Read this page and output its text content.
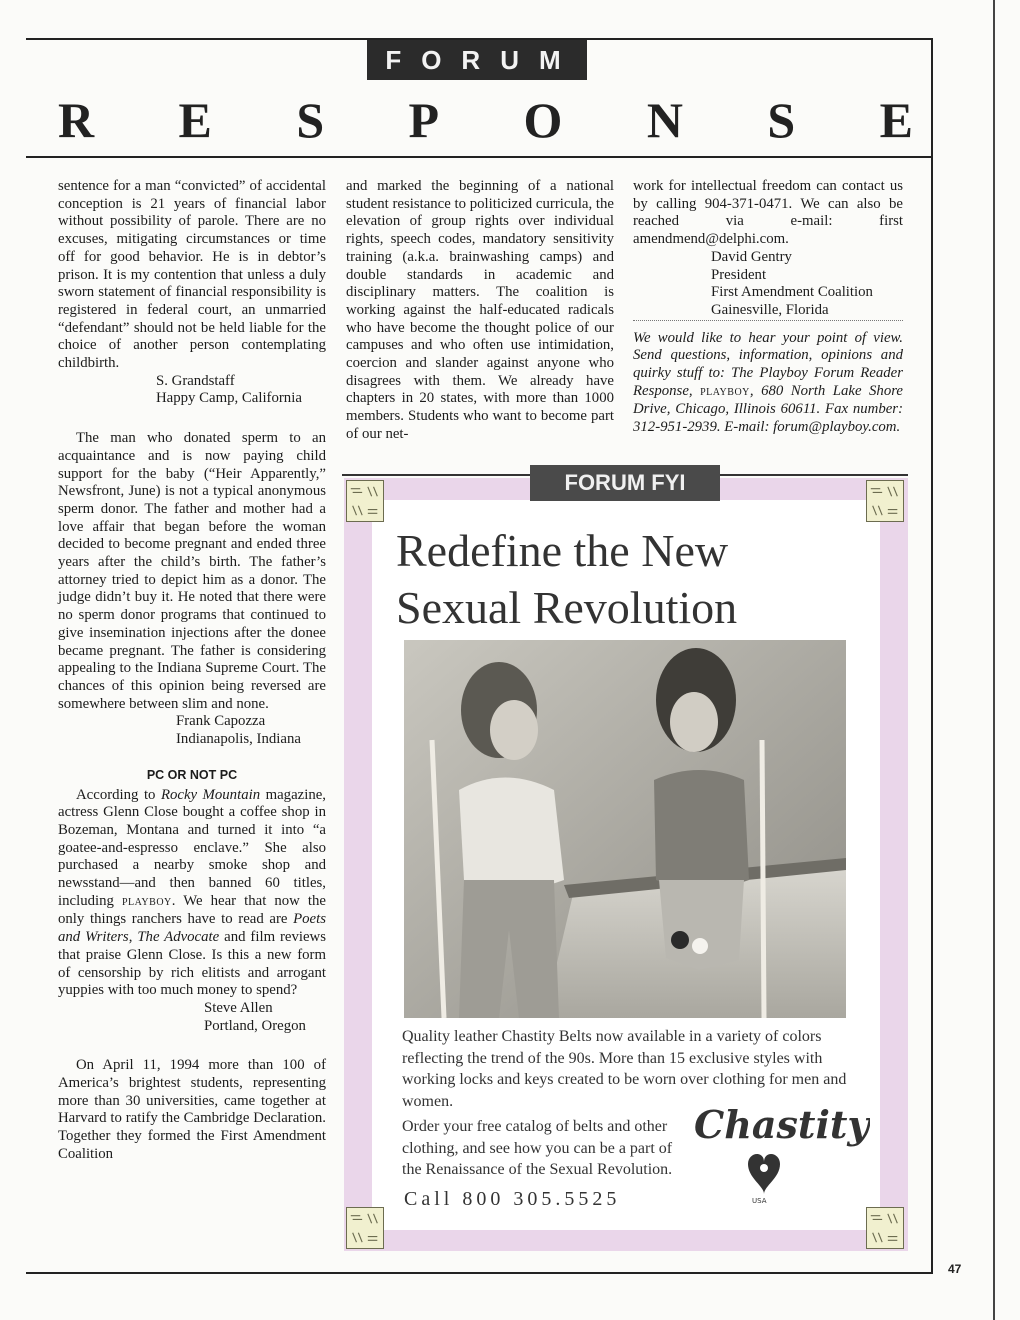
FORUM
R E S P O N S E

sentence for a man “convicted” of accidental conception is 21 years of financial labor without possibility of parole. There are no excuses, mitigating circumstances or time off for good behavior. He is in debtor’s prison. It is my contention that unless a duly sworn statement of financial responsibility is registered in federal court, an unmarried “defendant” should not be held liable for the choice of another person contemplating childbirth.

S. Grandstaff

Happy Camp, California

The man who donated sperm to an acquaintance and is now paying child support for the baby (“Heir Apparently,” Newsfront, June) is not a typical anonymous sperm donor. The father and mother had a love affair that began before the woman decided to become pregnant and ended three years after the child’s birth. The father’s attorney tried to depict him as a donor. The judge didn’t buy it. He noted that there were no sperm donor programs that continued to give insemination injections after the donee became pregnant. The father is considering appealing to the Indiana Supreme Court. The chances of this opinion being reversed are somewhere between slim and none.

Frank Capozza

Indianapolis, Indiana

PC OR NOT PC

According to Rocky Mountain magazine, actress Glenn Close bought a coffee shop in Bozeman, Montana and turned it into “a goatee-and-espresso enclave.” She also purchased a nearby smoke shop and newsstand—and then banned 60 titles, including PLAYBOY. We hear that now the only things ranchers have to read are Poets and Writers, The Advocate and film reviews that praise Glenn Close. Is this a new form of censorship by rich elitists and arrogant yuppies with too much money to spend?

Steve Allen

Portland, Oregon

On April 11, 1994 more than 100 of America’s brightest students, representing more than 30 universities, came together at Harvard to ratify the Cambridge Declaration. Together they formed the First Amendment Coalition

and marked the beginning of a national student resistance to politicized curricula, the elevation of group rights over individual rights, speech codes, mandatory sensitivity training (a.k.a. brainwashing camps) and double standards in academic and disciplinary matters. The coalition is working against the half-educated radicals who have become the thought police of our campuses and who often use intimidation, coercion and slander against anyone who disagrees with them. We already have chapters in 20 states, with more than 1000 members. Students who want to become part of our net-

work for intellectual freedom can contact us by calling 904-371-0471. We can also be reached via e-mail: first amendmend@delphi.com.

David Gentry

President

First Amendment Coalition

Gainesville, Florida

We would like to hear your point of view. Send questions, information, opinions and quirky stuff to: The Playboy Forum Reader Response, PLAYBOY, 680 North Lake Shore Drive, Chicago, Illinois 60611. Fax number: 312-951-2939. E-mail: forum@playboy.com.

FORUM FYI
Redefine the New
Sexual Revolution
Quality leather Chastity Belts now available in a variety of colors reflecting the trend of the 90s. More than 15 exclusive styles with working locks and keys created to be worn over clothing for men and women.
Order your free catalog of belts and other clothing, and see how you can be a part of the Renaissance of the Sexual Revolution.
Call 800 305.5525
Chastity
USA
47
